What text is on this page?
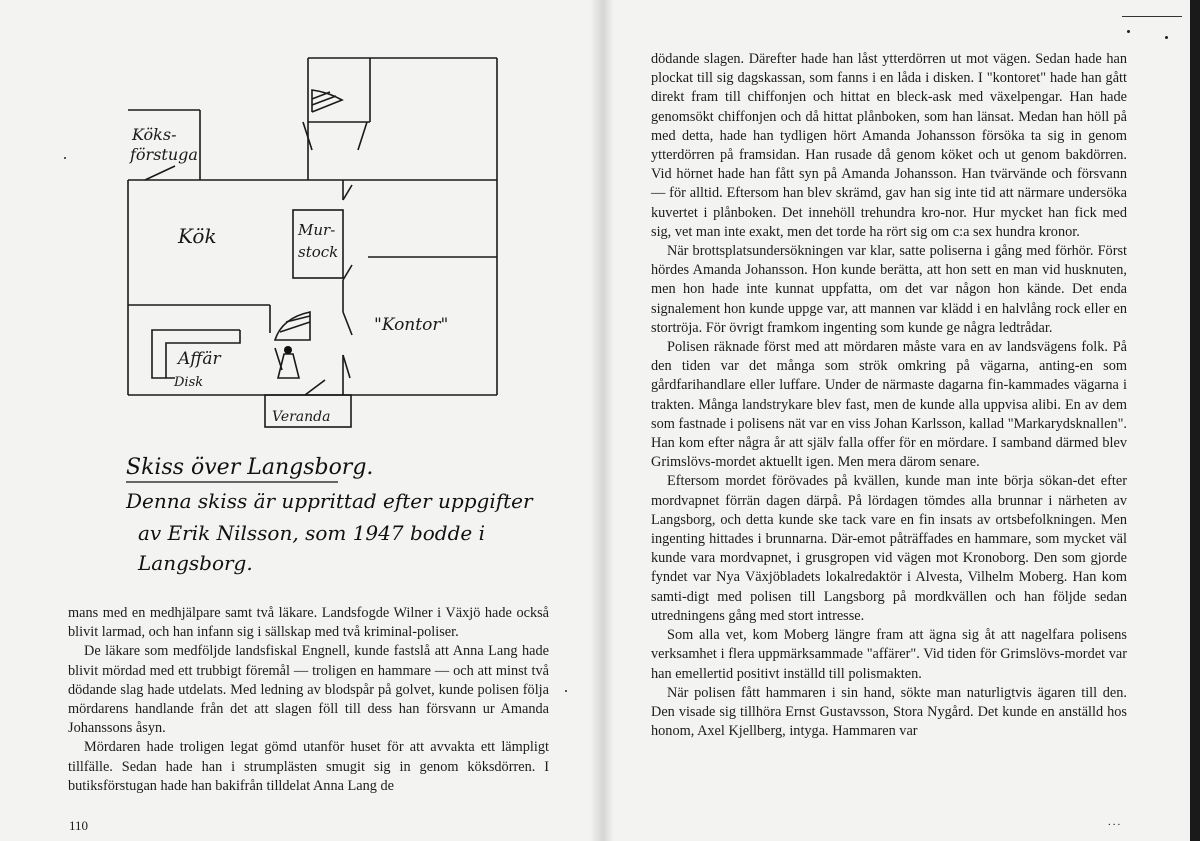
Köks-
förstuga
Kök	Mur-
stock
"Kontor"
Affär
Disk
Veranda
Skiss över Langsborg.
Denna skiss är upprittad efter uppgifter
av Erik Nilsson, som 1947 bodde i
Langsborg.

mans med en medhjälpare samt två läkare. Landsfogde Wilner i Växjö hade också blivit larmad, och han infann sig i sällskap med två kriminal-poliser.

De läkare som medföljde landsfiskal Engnell, kunde fastslå att Anna Lang hade blivit mördad med ett trubbigt föremål — troligen en hammare — och att minst två dödande slag hade utdelats. Med ledning av blodspår på golvet, kunde polisen följa mördarens handlande från det att slagen föll till dess han försvann ur Amanda Johanssons åsyn.

Mördaren hade troligen legat gömd utanför huset för att avvakta ett lämpligt tillfälle. Sedan hade han i strumplästen smugit sig in genom köksdörren. I butiksförstugan hade han bakifrån tilldelat Anna Lang de

110

dödande slagen. Därefter hade han låst ytterdörren ut mot vägen. Sedan hade han plockat till sig dagskassan, som fanns i en låda i disken. I "kontoret" hade han gått direkt fram till chiffonjen och hittat en bleck-ask med växelpengar. Han hade genomsökt chiffonjen och då hittat plånboken, som han länsat. Medan han höll på med detta, hade han tydligen hört Amanda Johansson försöka ta sig in genom ytterdörren på framsidan. Han rusade då genom köket och ut genom bakdörren. Vid hörnet hade han fått syn på Amanda Johansson. Han tvärvände och försvann — för alltid. Eftersom han blev skrämd, gav han sig inte tid att närmare undersöka kuvertet i plånboken. Det innehöll trehundra kro-nor. Hur mycket han fick med sig, vet man inte exakt, men det torde ha rört sig om c:a sex hundra kronor.

När brottsplatsundersökningen var klar, satte poliserna i gång med förhör. Först hördes Amanda Johansson. Hon kunde berätta, att hon sett en man vid husknuten, men hon hade inte kunnat uppfatta, om det var någon hon kände. Det enda signalement hon kunde uppge var, att mannen var klädd i en halvlång rock eller en stortröja. För övrigt framkom ingenting som kunde ge några ledtrådar.

Polisen räknade först med att mördaren måste vara en av landsvägens folk. På den tiden var det många som strök omkring på vägarna, anting-en som gårdfarihandlare eller luffare. Under de närmaste dagarna fin-kammades vägarna i trakten. Många landstrykare blev fast, men de kunde alla uppvisa alibi. En av dem som fastnade i polisens nät var en viss Johan Karlsson, kallad "Markarydsknallen". Han kom efter några år att själv falla offer för en mördare. I samband därmed blev Grimslövs-mordet aktuellt igen. Men mera därom senare.

Eftersom mordet förövades på kvällen, kunde man inte börja sökan-det efter mordvapnet förrän dagen därpå. På lördagen tömdes alla brunnar i närheten av Langsborg, och detta kunde ske tack vare en fin insats av ortsbefolkningen. Men ingenting hittades i brunnarna. Där-emot påträffades en hammare, som mycket väl kunde vara mordvapnet, i grusgropen vid vägen mot Kronoborg. Den som gjorde fyndet var Nya Växjöbladets lokalredaktör i Alvesta, Vilhelm Moberg. Han kom samti-digt med polisen till Langsborg på mordkvällen och han följde sedan utredningens gång med stort intresse.

Som alla vet, kom Moberg längre fram att ägna sig åt att nagelfara polisens verksamhet i flera uppmärksammade "affärer". Vid tiden för Grimslövs-mordet var han emellertid positivt inställd till polismakten.

När polisen fått hammaren i sin hand, sökte man naturligtvis ägaren till den. Den visade sig tillhöra Ernst Gustavsson, Stora Nygård. Det kunde en anställd hos honom, Axel Kjellberg, intyga. Hammaren var

...
